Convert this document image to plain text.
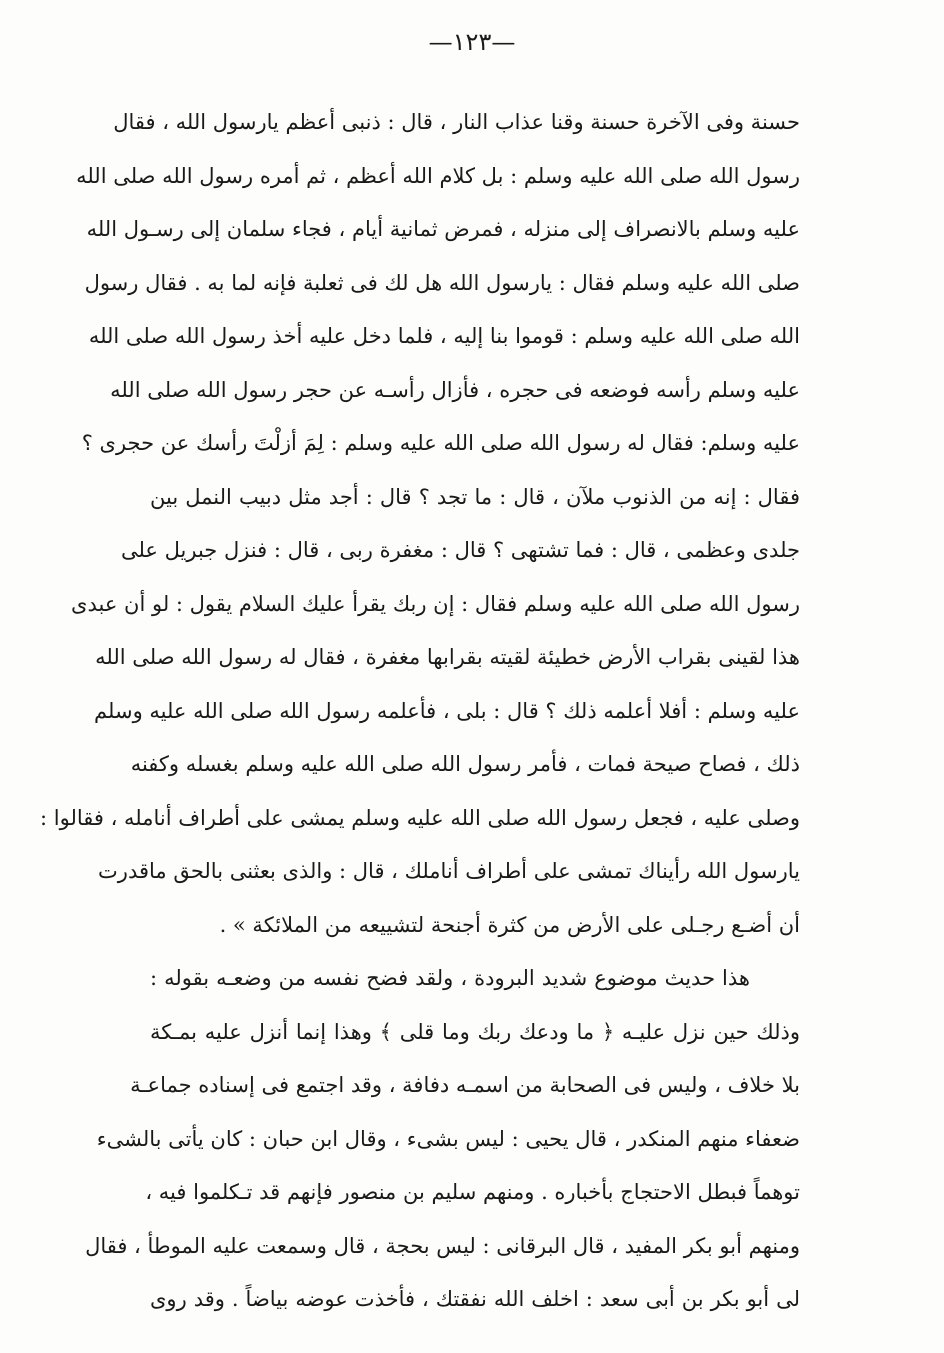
—١٢٣—
حسنة وفى الآخرة حسنة وقنا عذاب النار ، قال : ذنبى أعظم يارسول الله ، فقال
رسول الله صلى الله عليه وسلم : بل كلام الله أعظم ، ثم أمره رسول الله صلى الله
عليه وسلم بالانصراف إلى منزله ، فمرض ثمانية أيام ، فجاء سلمان إلى رسـول الله
صلى الله عليه وسلم فقال : يارسول الله هل لك فى ثعلبة فإنه لما به . فقال رسول
الله صلى الله عليه وسلم : قوموا بنا إليه ، فلما دخل عليه أخذ رسول الله صلى الله
عليه وسلم رأسه فوضعه فى حجره ، فأزال رأسـه عن حجر رسول الله صلى الله
عليه وسلم: فقال له رسول الله صلى الله عليه وسلم : لِمَ أزلْتَ رأسك عن حجرى ؟
فقال : إنه من الذنوب ملآن ، قال : ما تجد ؟ قال : أجد مثل دبيب النمل بين
جلدى وعظمى ، قال : فما تشتهى ؟ قال : مغفرة ربى ، قال : فنزل جبريل على
رسول الله صلى الله عليه وسلم فقال : إن ربك يقرأ عليك السلام يقول : لو أن عبدى
هذا لقينى بقراب الأرض خطيئة لقيته بقرابها مغفرة ، فقال له رسول الله صلى الله
عليه وسلم : أفلا أعلمه ذلك ؟ قال : بلى ، فأعلمه رسول الله صلى الله عليه وسلم
ذلك ، فصاح صيحة فمات ، فأمر رسول الله صلى الله عليه وسلم بغسله وكفنه
وصلى عليه ، فجعل رسول الله صلى الله عليه وسلم يمشى على أطراف أنامله ، فقالوا :
يارسول الله رأيناك تمشى على أطراف أناملك ، قال : والذى بعثنى بالحق ماقدرت
أن أضـع رجـلى على الأرض من كثرة أجنحة لتشييعه من الملائكة » .
هذا حديث موضوع شديد البرودة ، ولقد فضح نفسه من وضعـه بقوله :
وذلك حين نزل عليـه ﴿ ما ودعك ربك وما قلى ﴾ وهذا إنما أنزل عليه بمـكة
بلا خلاف ، وليس فى الصحابة من اسمـه دفافة ، وقد اجتمع فى إسناده جماعـة
ضعفاء منهم المنكدر ، قال يحيى : ليس بشىء ، وقال ابن حبان : كان يأتى بالشىء
توهماً فبطل الاحتجاج بأخباره . ومنهم سليم بن منصور فإنهم قد تـكلموا فيه ،
ومنهم أبو بكر المفيد ، قال البرقانى : ليس بحجة ، قال وسمعت عليه الموطأ ، فقال
لى أبو بكر بن أبى سعد : اخلف الله نفقتك ، فأخذت عوضه بياضاً . وقد روى
